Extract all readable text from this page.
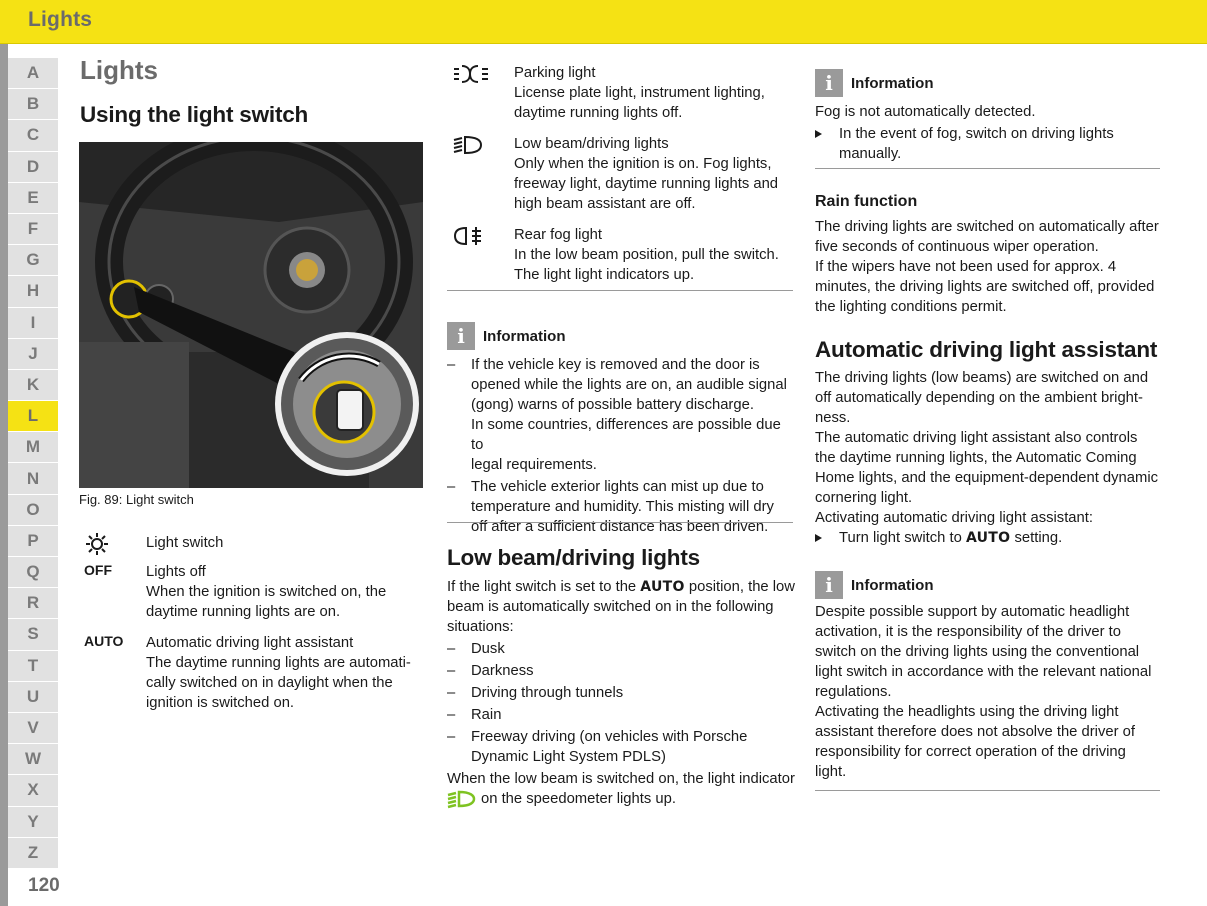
Lights
A
B
C
D
E
F
G
H
I
J
K
L
M
N
O
P
Q
R
S
T
U
V
W
X
Y
Z
120
Lights
Using the light switch
Fig. 89: Light switch
Light switch
OFF	Lights off
When the ignition is switched on, the
daytime running lights are on.
AUTO	Automatic driving light assistant
The daytime running lights are automati-
cally switched on in daylight when the
ignition is switched on.
Parking light
License plate light, instrument lighting,
daytime running lights off.
Low beam/driving lights
Only when the ignition is on. Fog lights,
freeway light, daytime running lights and
high beam assistant are off.
Rear fog light
In the low beam position, pull the switch.
The light light indicators up.
i	Information
– If the vehicle key is removed and the door is
opened while the lights are on, an audible signal
(gong) warns of possible battery discharge.
In some countries, differences are possible due to
legal requirements.
– The vehicle exterior lights can mist up due to
temperature and humidity. This misting will dry
off after a sufficient distance has been driven.
Low beam/driving lights
If the light switch is set to the AUTO position, the low
beam is automatically switched on in the following
situations:
– Dusk
– Darkness
– Driving through tunnels
– Rain
– Freeway driving (on vehicles with Porsche
Dynamic Light System PDLS)
When the low beam is switched on, the light indicator
on the speedometer lights up.
i	Information
Fog is not automatically detected.
In the event of fog, switch on driving lights
manually.
Rain function
The driving lights are switched on automatically after
five seconds of continuous wiper operation.
If the wipers have not been used for approx. 4
minutes, the driving lights are switched off, provided
the lighting conditions permit.
Automatic driving light assistant
The driving lights (low beams) are switched on and
off automatically depending on the ambient bright-
ness.
The automatic driving light assistant also controls
the daytime running lights, the Automatic Coming
Home lights, and the equipment-dependent dynamic
cornering light.
Activating automatic driving light assistant:
Turn light switch to AUTO setting.
i	Information
Despite possible support by automatic headlight
activation, it is the responsibility of the driver to
switch on the driving lights using the conventional
light switch in accordance with the relevant national
regulations.
Activating the headlights using the driving light
assistant therefore does not absolve the driver of
responsibility for correct operation of the driving
light.
